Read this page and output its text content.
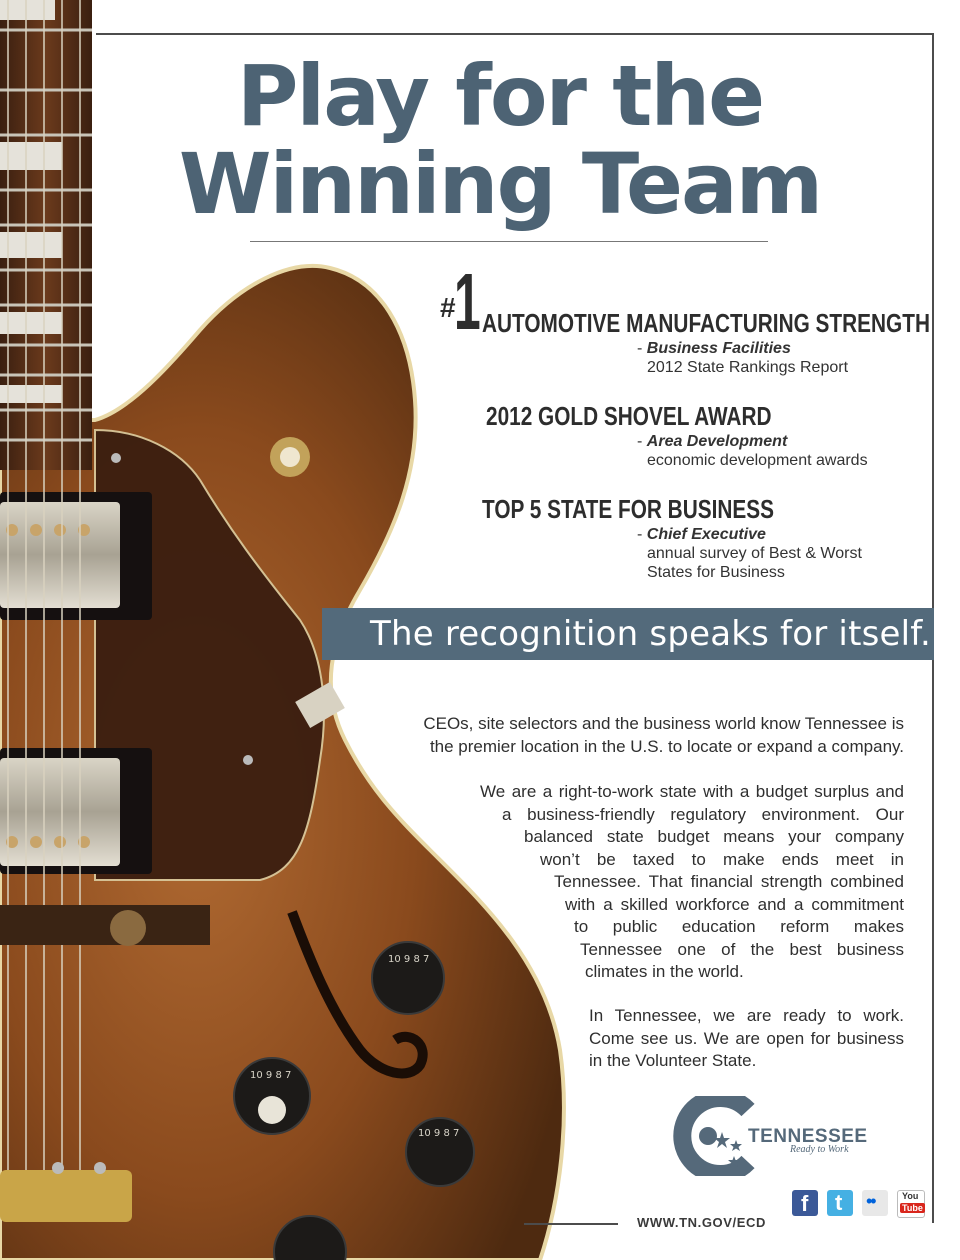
10 9 8 7
10 9 8 7
10 9 8 7
Play for the
Winning Team
#1 AUTOMOTIVE MANUFACTURING STRENGTH
- Business Facilities
2012 State Rankings Report
2012 GOLD SHOVEL AWARD
- Area Development
economic development awards
TOP 5 STATE FOR BUSINESS
- Chief Executive
annual survey of Best & Worst
States for Business
The recognition speaks for itself.
CEOs, site selectors and the business world know Tennessee is
the premier location in the U.S. to locate or expand a company.
We are a right-to-work state with a budget surplus and
a business-friendly regulatory environment. Our
balanced state budget means your company
won’t be taxed to make ends meet in
Tennessee. That financial strength combined
with a skilled workforce and a commitment
to public education reform makes
Tennessee one of the best business
climates in the world.
In Tennessee, we are ready to work.
Come see us. We are open for business
in the Volunteer State.
TENNESSEE
Ready to Work
f t ••	You
Tube
WWW.TN.GOV/ECD
